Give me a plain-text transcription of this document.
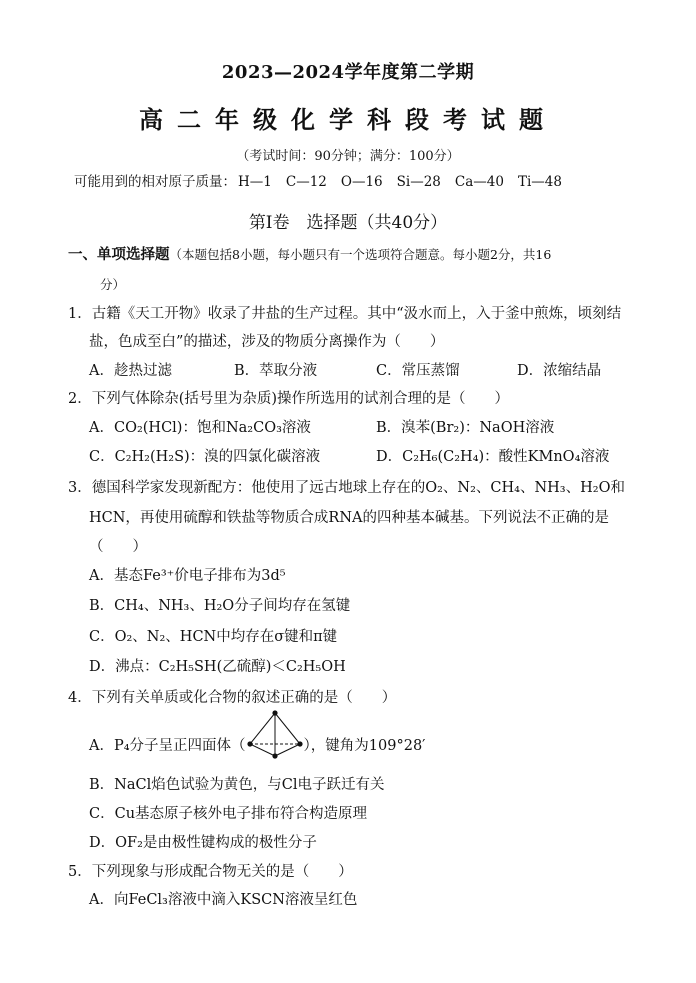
2023—2024学年度第二学期
高二年级化学科段考试题
（考试时间：90分钟；满分：100分）
可能用到的相对原子质量： H—1 C—12 O—16 Si—28 Ca—40 Ti—48
第Ⅰ卷　选择题（共40分）
一、单项选择题（本题包括8小题，每小题只有一个选项符合题意。每小题2分，共16
分）
1．古籍《天工开物》收录了井盐的生产过程。其中“汲水而上，入于釜中煎炼，顷刻结
盐，色成至白”的描述，涉及的物质分离操作为（　　）
A．趁热过滤	B．萃取分液	C．常压蒸馏	D．浓缩结晶
2．下列气体除杂(括号里为杂质)操作所选用的试剂合理的是（　　）
A．CO₂(HCl)：饱和Na₂CO₃溶液	B．溴苯(Br₂)：NaOH溶液
C．C₂H₂(H₂S)：溴的四氯化碳溶液	D．C₂H₆(C₂H₄)：酸性KMnO₄溶液
3．德国科学家发现新配方：他使用了远古地球上存在的O₂、N₂、CH₄、NH₃、H₂O和
HCN，再使用硫醇和铁盐等物质合成RNA的四种基本碱基。下列说法不正确的是
（　　）
A．基态Fe³⁺价电子排布为3d⁵
B．CH₄、NH₃、H₂O分子间均存在氢键
C．O₂、N₂、HCN中均存在σ键和π键
D．沸点：C₂H₅SH(乙硫醇)＜C₂H₅OH
4．下列有关单质或化合物的叙述正确的是（　　）
A．P₄分子呈正四面体（	），键角为109°28′
B．NaCl焰色试验为黄色，与Cl电子跃迁有关
C．Cu基态原子核外电子排布符合构造原理
D．OF₂是由极性键构成的极性分子
5．下列现象与形成配合物无关的是（　　）
A．向FeCl₃溶液中滴入KSCN溶液呈红色
